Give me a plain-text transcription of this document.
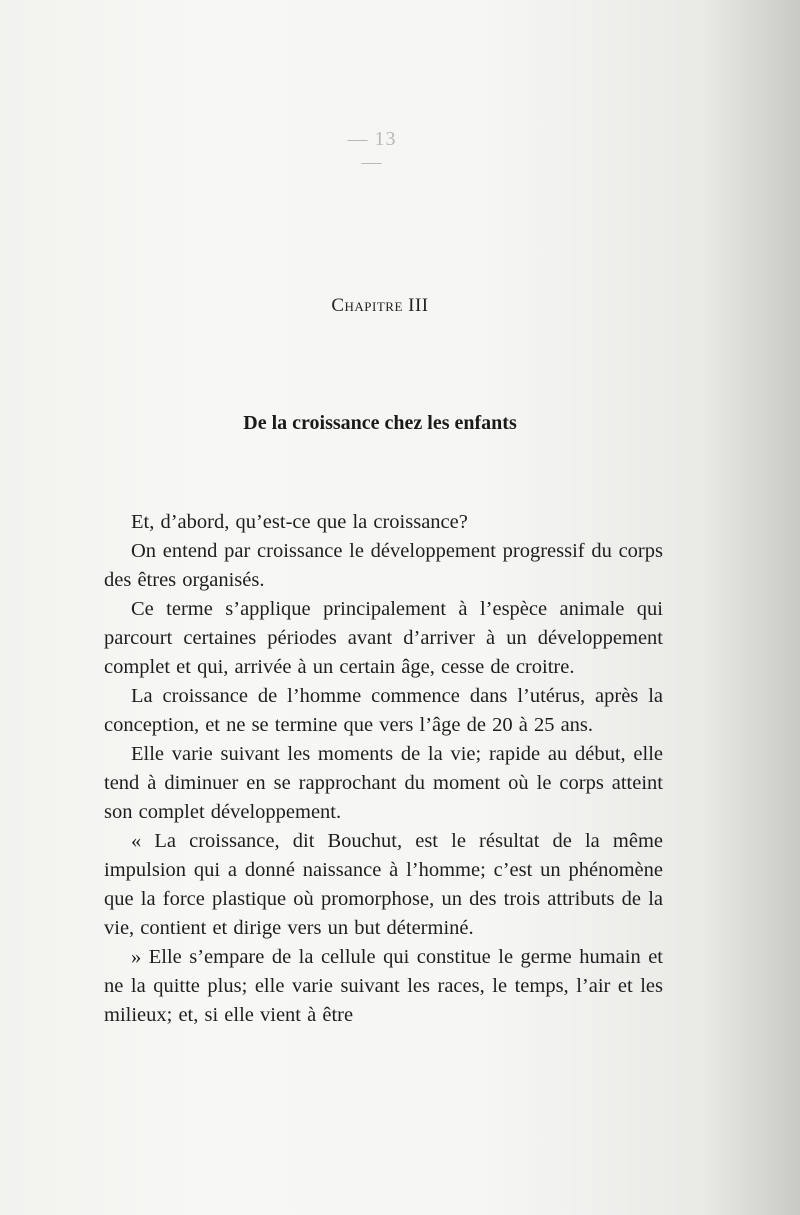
— 13 —
Chapitre III
De la croissance chez les enfants

Et, d’abord, qu’est-ce que la croissance?

On entend par croissance le développement progressif du corps des êtres organisés.

Ce terme s’applique principalement à l’espèce animale qui parcourt certaines périodes avant d’arriver à un développement complet et qui, arrivée à un certain âge, cesse de croitre.

La croissance de l’homme commence dans l’utérus, après la conception, et ne se termine que vers l’âge de 20 à 25 ans.

Elle varie suivant les moments de la vie; rapide au début, elle tend à diminuer en se rapprochant du moment où le corps atteint son complet développement.

« La croissance, dit Bouchut, est le résultat de la même impulsion qui a donné naissance à l’homme; c’est un phénomène que la force plastique où promorphose, un des trois attributs de la vie, contient et dirige vers un but déterminé.

» Elle s’empare de la cellule qui constitue le germe humain et ne la quitte plus; elle varie suivant les races, le temps, l’air et les milieux; et, si elle vient à être
